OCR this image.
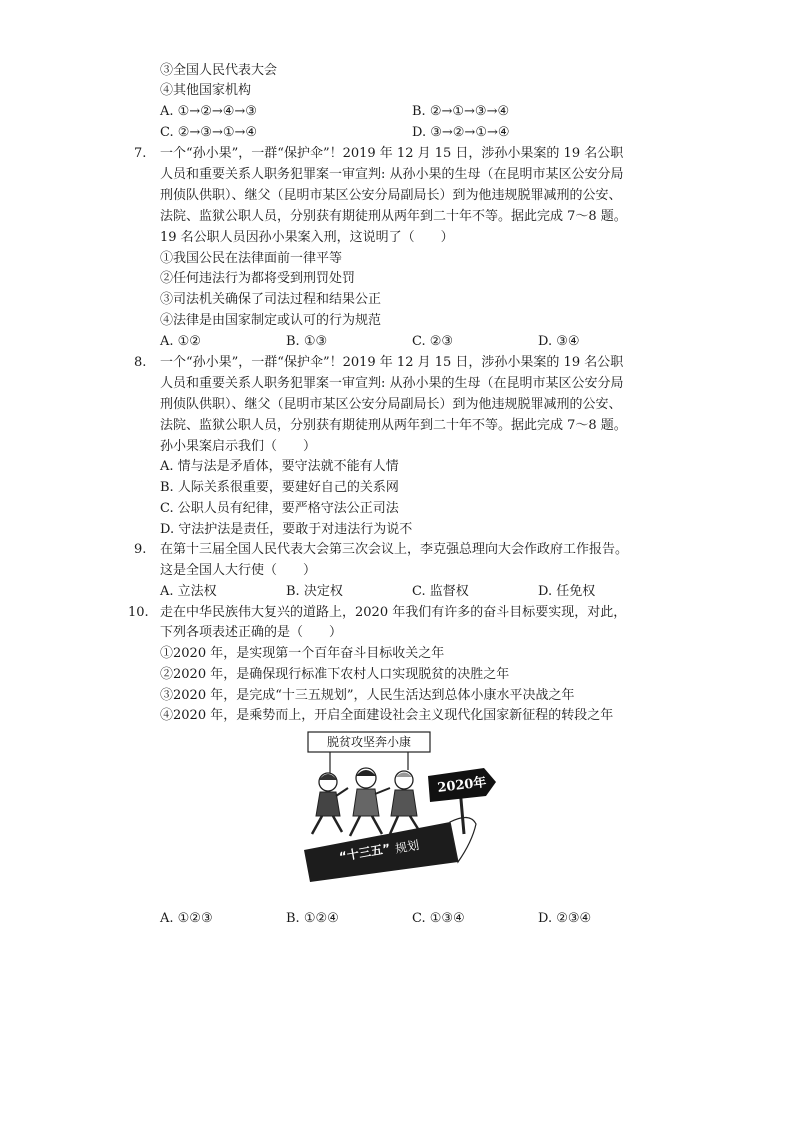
③全国人民代表大会
④其他国家机构
A. ①→②→④→③	B. ②→①→③→④
C. ②→③→①→④	D. ③→②→①→④
7. 一个“孙小果”，一群“保护伞”！2019 年 12 月 15 日，涉孙小果案的 19 名公职
人员和重要关系人职务犯罪案一审宣判: 从孙小果的生母（在昆明市某区公安分局
刑侦队供职）、继父（昆明市某区公安分局副局长）到为他违规脱罪减刑的公安、
法院、监狱公职人员，分别获有期徒刑从两年到二十年不等。据此完成 7～8 题。
19 名公职人员因孙小果案入刑，这说明了（　　）
①我国公民在法律面前一律平等
②任何违法行为都将受到刑罚处罚
③司法机关确保了司法过程和结果公正
④法律是由国家制定或认可的行为规范
A. ①②	B. ①③	C. ②③	D. ③④
8. 一个“孙小果”，一群“保护伞”！2019 年 12 月 15 日，涉孙小果案的 19 名公职
人员和重要关系人职务犯罪案一审宣判: 从孙小果的生母（在昆明市某区公安分局
刑侦队供职）、继父（昆明市某区公安分局副局长）到为他违规脱罪减刑的公安、
法院、监狱公职人员，分别获有期徒刑从两年到二十年不等。据此完成 7～8 题。
孙小果案启示我们（　　）
A. 情与法是矛盾体，要守法就不能有人情
B. 人际关系很重要，要建好自己的关系网
C. 公职人员有纪律，要严格守法公正司法
D. 守法护法是责任，要敢于对违法行为说不
9. 在第十三届全国人民代表大会第三次会议上，李克强总理向大会作政府工作报告。
这是全国人大行使（　　）
A. 立法权	B. 决定权	C. 监督权	D. 任免权
10. 走在中华民族伟大复兴的道路上，2020 年我们有许多的奋斗目标要实现，对此，
下列各项表述正确的是（　　）
①2020 年，是实现第一个百年奋斗目标收关之年
②2020 年，是确保现行标准下农村人口实现脱贫的决胜之年
③2020 年，是完成“十三五规划”，人民生活达到总体小康水平决战之年
④2020 年，是乘势而上，开启全面建设社会主义现代化国家新征程的转段之年
脱贫攻坚奔小康
“十三五” 规划
2020年
A. ①②③	B. ①②④	C. ①③④	D. ②③④
